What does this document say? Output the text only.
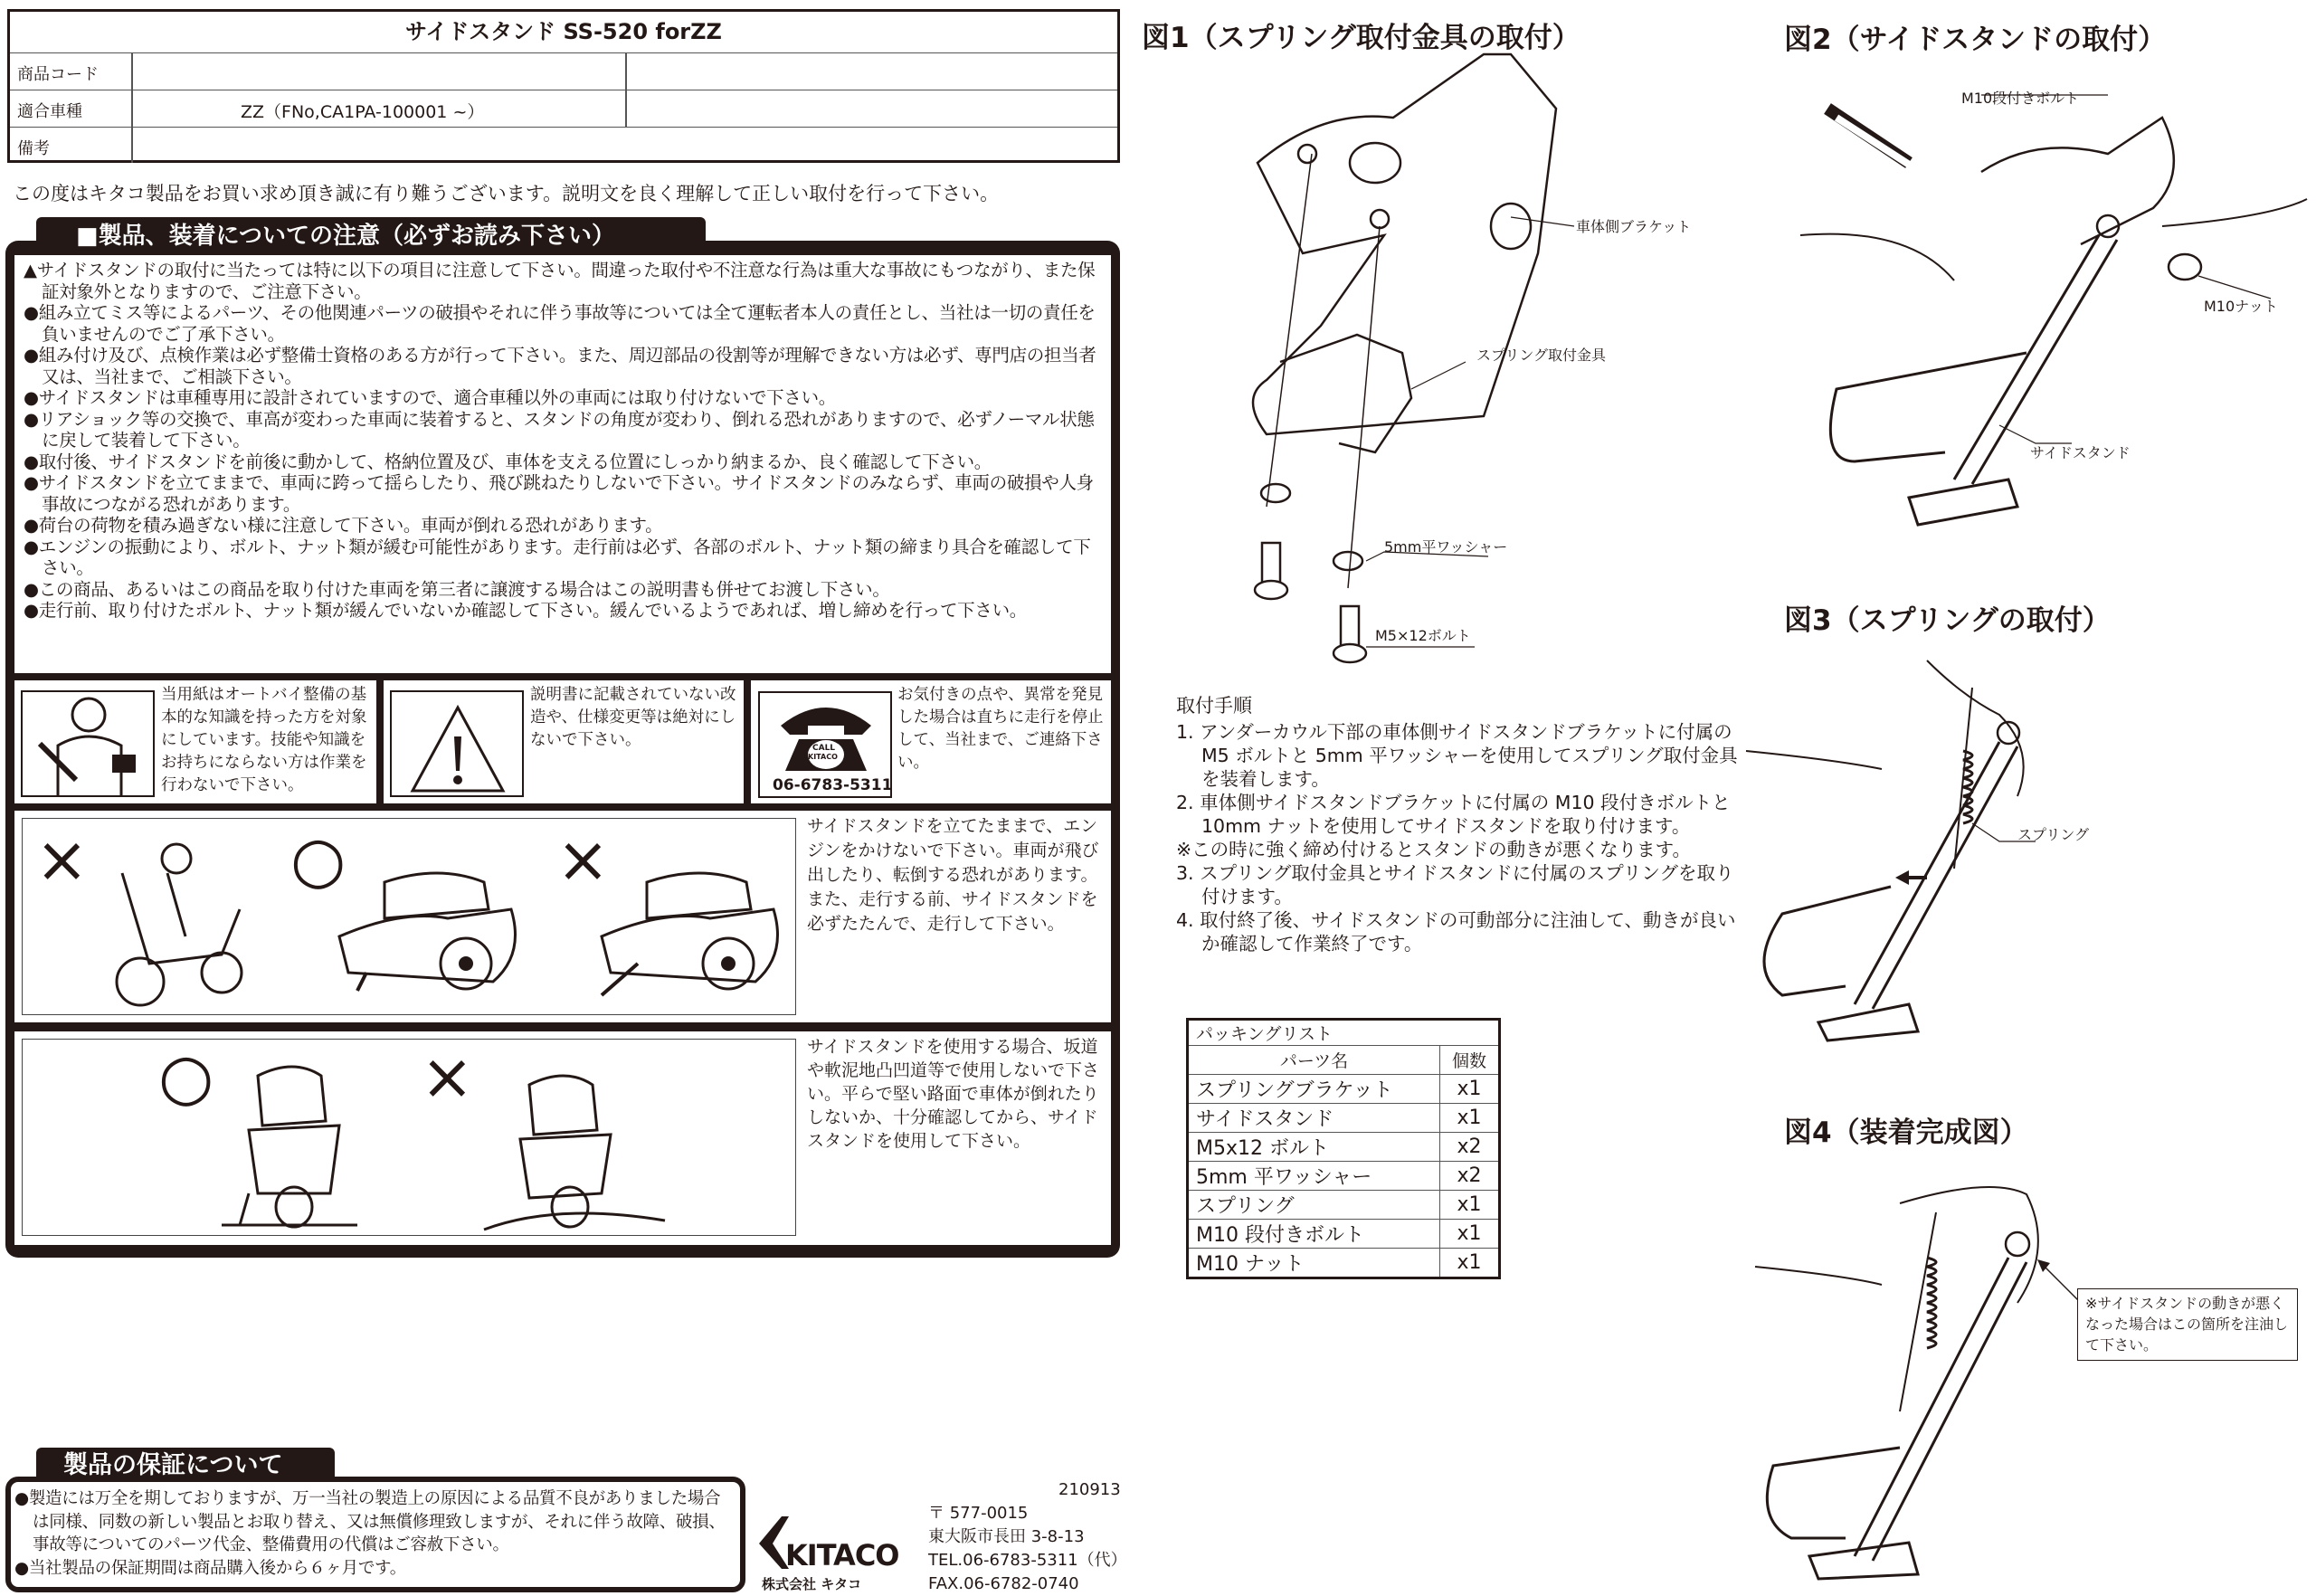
サイドスタンド SS-520 forZZ
商品コード
適合車種	ZZ（FNo,CA1PA-100001 ~）
備考
この度はキタコ製品をお買い求め頂き誠に有り難うございます。説明文を良く理解して正しい取付を行って下さい。

▲サイドスタンドの取付に当たっては特に以下の項目に注意して下さい。間違った取付や不注意な行為は重大な事故にもつながり、また保証対象外となりますので、ご注意下さい。

●組み立てミス等によるパーツ、その他関連パーツの破損やそれに伴う事故等については全て運転者本人の責任とし、当社は一切の責任を負いませんのでご了承下さい。

●組み付け及び、点検作業は必ず整備士資格のある方が行って下さい。また、周辺部品の役割等が理解できない方は必ず、専門店の担当者又は、当社まで、ご相談下さい。

●サイドスタンドは車種専用に設計されていますので、適合車種以外の車両には取り付けないで下さい。

●リアショック等の交換で、車高が変わった車両に装着すると、スタンドの角度が変わり、倒れる恐れがありますので、必ずノーマル状態に戻して装着して下さい。

●取付後、サイドスタンドを前後に動かして、格納位置及び、車体を支える位置にしっかり納まるか、良く確認して下さい。

●サイドスタンドを立てままで、車両に跨って揺らしたり、飛び跳ねたりしないで下さい。サイドスタンドのみならず、車両の破損や人身事故につながる恐れがあります。

●荷台の荷物を積み過ぎない様に注意して下さい。車両が倒れる恐れがあります。

●エンジンの振動により、ボルト、ナット類が緩む可能性があります。走行前は必ず、各部のボルト、ナット類の締まり具合を確認して下さい。

●この商品、あるいはこの商品を取り付けた車両を第三者に譲渡する場合はこの説明書も併せてお渡し下さい。

●走行前、取り付けたボルト、ナット類が緩んでいないか確認して下さい。緩んでいるようであれば、増し締めを行って下さい。

当用紙はオートバイ整備の基本的な知識を持った方を対象にしています。技能や知識をお持ちにならない方は作業を行わないで下さい。
説明書に記載されていない改造や、仕様変更等は絶対にしないで下さい。	CALL
KITACO
06-6783-5311
お気付きの点や、異常を発見した場合は直ちに走行を停止して、当社まで、ご連絡下さい。
×	○	×	サイドスタンドを立てたままで、エンジンをかけないで下さい。車両が飛び出したり、転倒する恐れがあります。また、走行する前、サイドスタンドを必ずたたんで、走行して下さい。
○	×	サイドスタンドを使用する場合、坂道や軟泥地凸凹道等で使用しないで下さい。平らで堅い路面で車体が倒れたりしないか、十分確認してから、サイドスタンドを使用して下さい。
■製品、装着についての注意（必ずお読み下さい）

●製造には万全を期しておりますが、万一当社の製造上の原因による品質不良がありました場合は同様、同数の新しい製品とお取り替え、又は無償修理致しますが、それに伴う故障、破損、事故等についてのパーツ代金、整備費用の代償はご容赦下さい。

●当社製品の保証期間は商品購入後から６ヶ月です。

製品の保証について
KITACO
株式会社 キタコ
210913
〒 577-0015
東大阪市長田 3-8-13
TEL.06-6783-5311（代）
FAX.06-6782-0740
図1（スプリング取付金具の取付）
車体側ブラケット
スプリング取付金具
5mm平ワッシャー
M5×12ボルト
取付手順

1. アンダーカウル下部の車体側サイドスタンドブラケットに付属の M5 ボルトと 5mm 平ワッシャーを使用してスプリング取付金具を装着します。

2. 車体側サイドスタンドブラケットに付属の M10 段付きボルトと 10mm ナットを使用してサイドスタンドを取り付けます。

※この時に強く締め付けるとスタンドの動きが悪くなります。

3. スプリング取付金具とサイドスタンドに付属のスプリングを取り付けます。

4. 取付終了後、サイドスタンドの可動部分に注油して、動きが良いか確認して作業終了です。

パッキングリスト	
パーツ名	個数
スプリングブラケット	x1
サイドスタンド	x1
M5x12 ボルト	x2
5mm 平ワッシャー	x2
スプリング	x1
M10 段付きボルト	x1
M10 ナット	x1
図2（サイドスタンドの取付）
M10段付きボルト
M10ナット
サイドスタンド
図3（スプリングの取付）
スプリング
図4（装着完成図）
※サイドスタンドの動きが悪くなった場合はこの箇所を注油して下さい。
